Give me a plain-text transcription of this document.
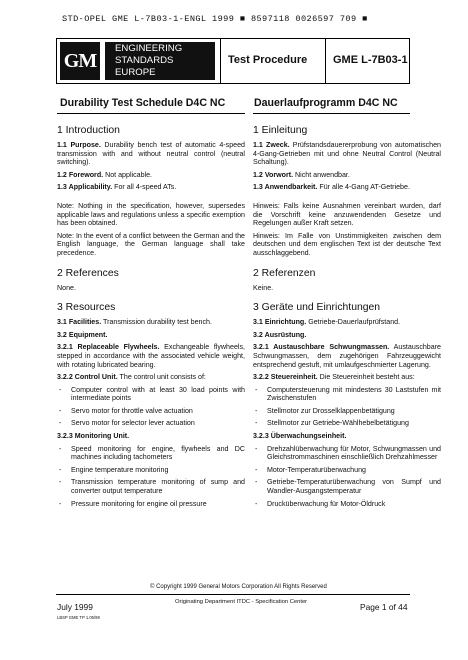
STD-OPEL GME L-7B03-1-ENGL 1999 ■ 8597118 0026597 709 ■
GM
ENGINEERING
STANDARDS
EUROPE
Test Procedure GME L-7B03-1
Durability Test Schedule D4C NC	Dauerlaufprogramm D4C NC
1 Introduction
1.1 Purpose. Durability bench test of automatic 4-speed transmission with and without neutral control (neutral switching).
1.2 Foreword. Not applicable.
1.3 Applicability. For all 4-speed ATs.
Note: Nothing in the specification, however, supersedes applicable laws and regulations unless a specific exemption has been obtained.
Note: In the event of a conflict between the German and the English language, the German language shall take precedence.
2 References
None.
3 Resources
3.1 Facilities. Transmission durability test bench.
3.2 Equipment.
3.2.1 Replaceable Flywheels. Exchangeable flywheels, stepped in accordance with the associated vehicle weight, with rotating lubricated bearing.
3.2.2 Control Unit. The control unit consists of:
- Computer control with at least 30 load points with intermediate points
- Servo motor for throttle valve actuation
- Servo motor for selector lever actuation
3.2.3 Monitoring Unit.
- Speed monitoring for engine, flywheels and DC machines including tachometers
- Engine temperature monitoring
- Transmission temperature monitoring of sump and converter output temperature
- Pressure monitoring for engine oil pressure
1 Einleitung
1.1 Zweck. Prüfstandsdauererprobung von automatischen 4-Gang-Getrieben mit und ohne Neutral Control (Neutral Schaltung).
1.2 Vorwort. Nicht anwendbar.
1.3 Anwendbarkeit. Für alle 4-Gang AT-Getriebe.
Hinweis: Falls keine Ausnahmen vereinbart wurden, darf die Vorschrift keine anzuwendenden Gesetze und Regelungen außer Kraft setzen.
Hinweis: Im Falle von Unstimmigkeiten zwischen dem deutschen und dem englischen Text ist der deutsche Text ausschlaggebend.
2 Referenzen
Keine.
3 Geräte und Einrichtungen
3.1 Einrichtung. Getriebe-Dauerlaufprüfstand.
3.2 Ausrüstung.
3.2.1 Austauschbare Schwungmassen. Austauschbare Schwungmassen, dem zugehörigen Fahrzeuggewicht entsprechend gestuft, mit umlaufgeschmierter Lagerung.
3.2.2 Steuereinheit. Die Steuereinheit besteht aus:
- Computersteuerung mit mindestens 30 Laststufen mit Zwischenstufen
- Stellmotor zur Drosselklappenbetätigung
- Stellmotor zur Getriebe-Wählhebelbetätigung
3.2.3 Überwachungseinheit.
- Drehzahlüberwachung für Motor, Schwungmassen und Gleichstrommaschinen einschließlich Drehzahlmesser
- Motor-Temperaturüberwachung
- Getriebe-Temperaturüberwachung von Sumpf und Wandler-Ausgangstemperatur
- Drucküberwachung für Motor-Öldruck
© Copyright 1999 General Motors Corporation All Rights Reserved
July 1999	Originating Department ITDC - Specification Center	Page 1 of 44
LBSP GME TP 1.05/99
